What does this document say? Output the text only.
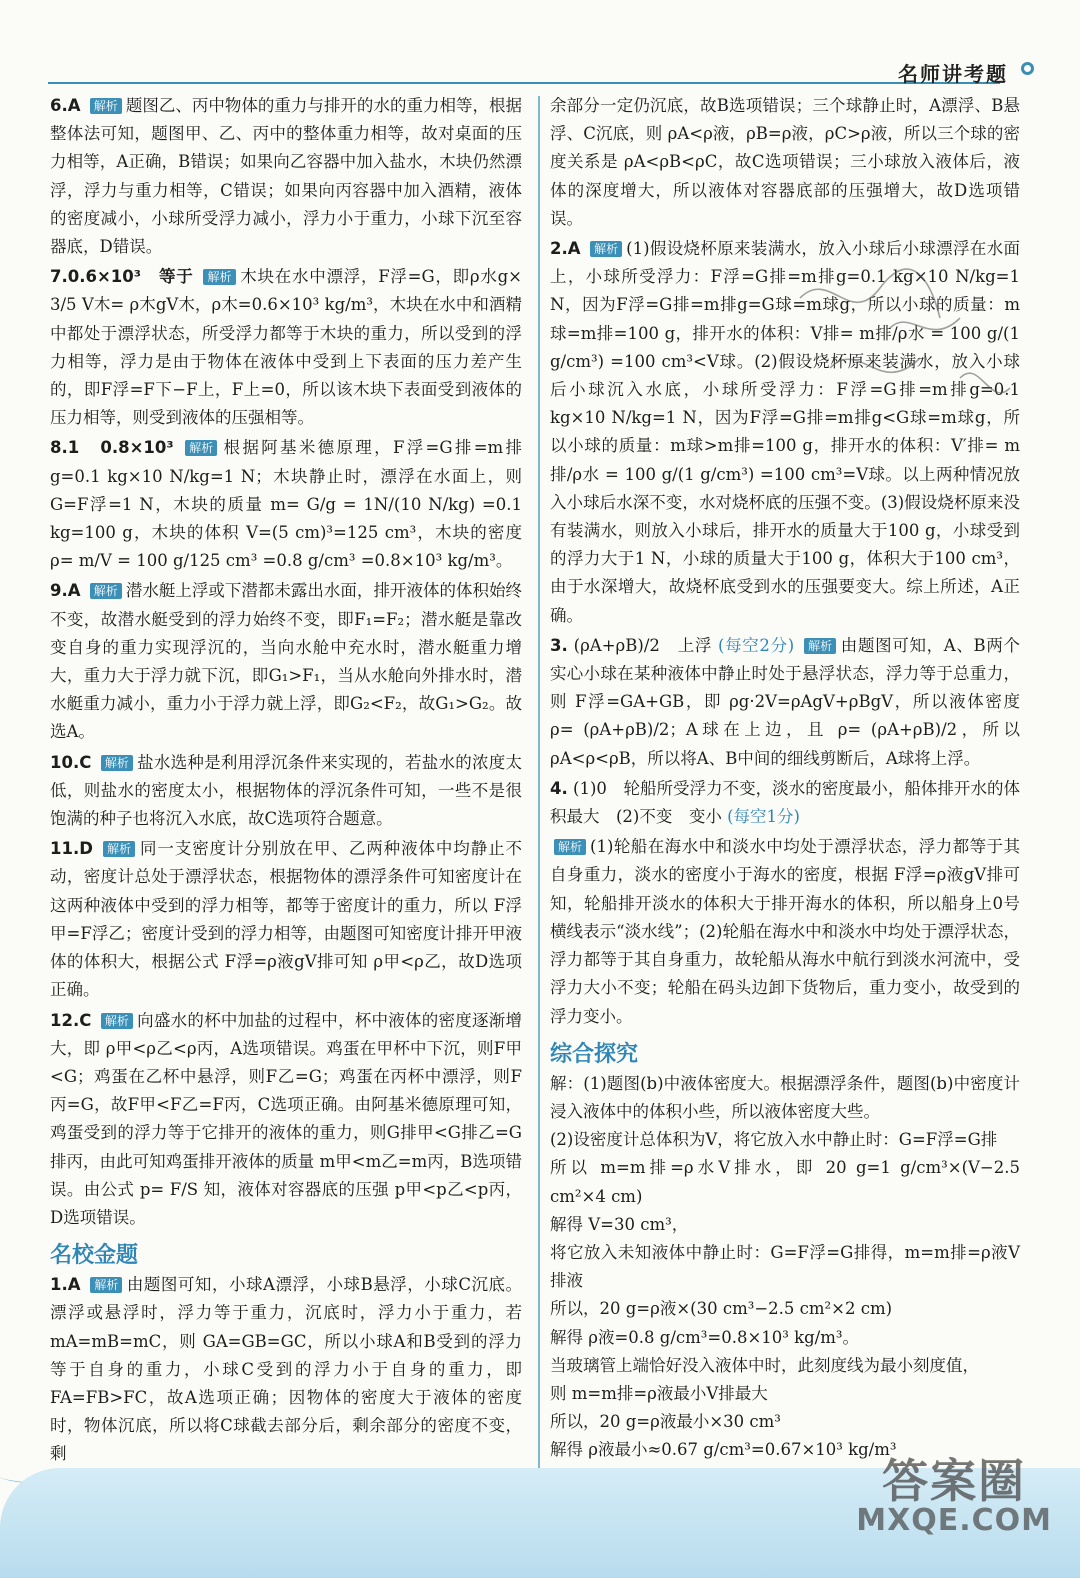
名师讲考题

6.A 解析 题图乙、丙中物体的重力与排开的水的重力相等，根据整体法可知，题图甲、乙、丙中的整体重力相等，故对桌面的压力相等，A正确，B错误；如果向乙容器中加入盐水，木块仍然漂浮，浮力与重力相等，C错误；如果向丙容器中加入酒精，液体的密度减小，小球所受浮力减小，浮力小于重力，小球下沉至容器底，D错误。

7.0.6×10³　等于 解析 木块在水中漂浮，F浮=G，即ρ水g× 3/5 V木= ρ木gV木，ρ木=0.6×10³ kg/m³，木块在水中和酒精中都处于漂浮状态，所受浮力都等于木块的重力，所以受到的浮力相等，浮力是由于物体在液体中受到上下表面的压力差产生的，即F浮=F下−F上，F上=0，所以该木块下表面受到液体的压力相等，则受到液体的压强相等。

8.1　0.8×10³ 解析 根据阿基米德原理，F浮=G排=m排g=0.1 kg×10 N/kg=1 N；木块静止时，漂浮在水面上，则G=F浮=1 N，木块的质量 m= G/g = 1N/(10 N/kg) =0.1 kg=100 g，木块的体积 V=(5 cm)³=125 cm³，木块的密度 ρ= m/V = 100 g/125 cm³ =0.8 g/cm³ =0.8×10³ kg/m³。

9.A 解析 潜水艇上浮或下潜都未露出水面，排开液体的体积始终不变，故潜水艇受到的浮力始终不变，即F₁=F₂；潜水艇是靠改变自身的重力实现浮沉的，当向水舱中充水时，潜水艇重力增大，重力大于浮力就下沉，即G₁>F₁，当从水舱向外排水时，潜水艇重力减小，重力小于浮力就上浮，即G₂<F₂，故G₁>G₂。故选A。

10.C 解析 盐水选种是利用浮沉条件来实现的，若盐水的浓度太低，则盐水的密度太小，根据物体的浮沉条件可知，一些不是很饱满的种子也将沉入水底，故C选项符合题意。

11.D 解析 同一支密度计分别放在甲、乙两种液体中均静止不动，密度计总处于漂浮状态，根据物体的漂浮条件可知密度计在这两种液体中受到的浮力相等，都等于密度计的重力，所以 F浮甲=F浮乙；密度计受到的浮力相等，由题图可知密度计排开甲液体的体积大，根据公式 F浮=ρ液gV排可知 ρ甲<ρ乙，故D选项正确。

12.C 解析 向盛水的杯中加盐的过程中，杯中液体的密度逐渐增大，即 ρ甲<ρ乙<ρ丙，A选项错误。鸡蛋在甲杯中下沉，则F甲<G；鸡蛋在乙杯中悬浮，则F乙=G；鸡蛋在丙杯中漂浮，则F丙=G，故F甲<F乙=F丙，C选项正确。由阿基米德原理可知，鸡蛋受到的浮力等于它排开的液体的重力，则G排甲<G排乙=G排丙，由此可知鸡蛋排开液体的质量 m甲<m乙=m丙，B选项错误。由公式 p= F/S 知，液体对容器底的压强 p甲<p乙<p丙，D选项错误。

名校金题

1.A 解析 由题图可知，小球A漂浮，小球B悬浮，小球C沉底。漂浮或悬浮时，浮力等于重力，沉底时，浮力小于重力，若 mA=mB=mC，则 GA=GB=GC，所以小球A和B受到的浮力等于自身的重力，小球C受到的浮力小于自身的重力，即FA=FB>FC，故A选项正确；因物体的密度大于液体的密度时，物体沉底，所以将C球截去部分后，剩余部分的密度不变，剩

余部分一定仍沉底，故B选项错误；三个球静止时，A漂浮、B悬浮、C沉底，则 ρA<ρ液，ρB=ρ液，ρC>ρ液，所以三个球的密度关系是 ρA<ρB<ρC，故C选项错误；三小球放入液体后，液体的深度增大，所以液体对容器底部的压强增大，故D选项错误。

2.A 解析 (1)假设烧杯原来装满水，放入小球后小球漂浮在水面上，小球所受浮力：F浮=G排=m排g=0.1 kg×10 N/kg=1 N，因为F浮=G排=m排g=G球=m球g，所以小球的质量：m球=m排=100 g，排开水的体积：V排= m排/ρ水 = 100 g/(1 g/cm³) =100 cm³<V球。(2)假设烧杯原来装满水，放入小球后小球沉入水底，小球所受浮力：F浮=G排=m排g=0.1 kg×10 N/kg=1 N，因为F浮=G排=m排g<G球=m球g，所以小球的质量：m球>m排=100 g，排开水的体积：V′排= m排/ρ水 = 100 g/(1 g/cm³) =100 cm³=V球。以上两种情况放入小球后水深不变，水对烧杯底的压强不变。(3)假设烧杯原来没有装满水，则放入小球后，排开水的质量大于100 g，小球受到的浮力大于1 N，小球的质量大于100 g，体积大于100 cm³，由于水深增大，故烧杯底受到水的压强要变大。综上所述，A正确。

3. (ρA+ρB)/2　上浮 (每空2分) 解析 由题图可知，A、B两个实心小球在某种液体中静止时处于悬浮状态，浮力等于总重力，则 F浮=GA+GB，即 ρg·2V=ρAgV+ρBgV，所以液体密度 ρ= (ρA+ρB)/2；A球在上边，且 ρ= (ρA+ρB)/2，所以 ρA<ρ<ρB，所以将A、B中间的细线剪断后，A球将上浮。

4. (1)0　轮船所受浮力不变，淡水的密度最小，船体排开水的体积最大　(2)不变　变小 (每空1分)

解析 (1)轮船在海水中和淡水中均处于漂浮状态，浮力都等于其自身重力，淡水的密度小于海水的密度，根据 F浮=ρ液gV排可知，轮船排开淡水的体积大于排开海水的体积，所以船身上0号横线表示“淡水线”；(2)轮船在海水中和淡水中均处于漂浮状态，浮力都等于其自身重力，故轮船从海水中航行到淡水河流中，受浮力大小不变；轮船在码头边卸下货物后，重力变小，故受到的浮力变小。

综合探究

解：(1)题图(b)中液体密度大。根据漂浮条件，题图(b)中密度计浸入液体中的体积小些，所以液体密度大些。

(2)设密度计总体积为V，将它放入水中静止时：G=F浮=G排

所以 m=m排=ρ水V排水，即 20 g=1 g/cm³×(V−2.5 cm²×4 cm)

解得 V=30 cm³，

将它放入未知液体中静止时：G=F浮=G排得，m=m排=ρ液V排液

所以，20 g=ρ液×(30 cm³−2.5 cm²×2 cm)

解得 ρ液=0.8 g/cm³=0.8×10³ kg/m³。

当玻璃管上端恰好没入液体中时，此刻度线为最小刻度值，

则 m=m排=ρ液最小V排最大

所以，20 g=ρ液最小×30 cm³

解得 ρ液最小≈0.67 g/cm³=0.67×10³ kg/m³

答案圈
MXQE.COM
